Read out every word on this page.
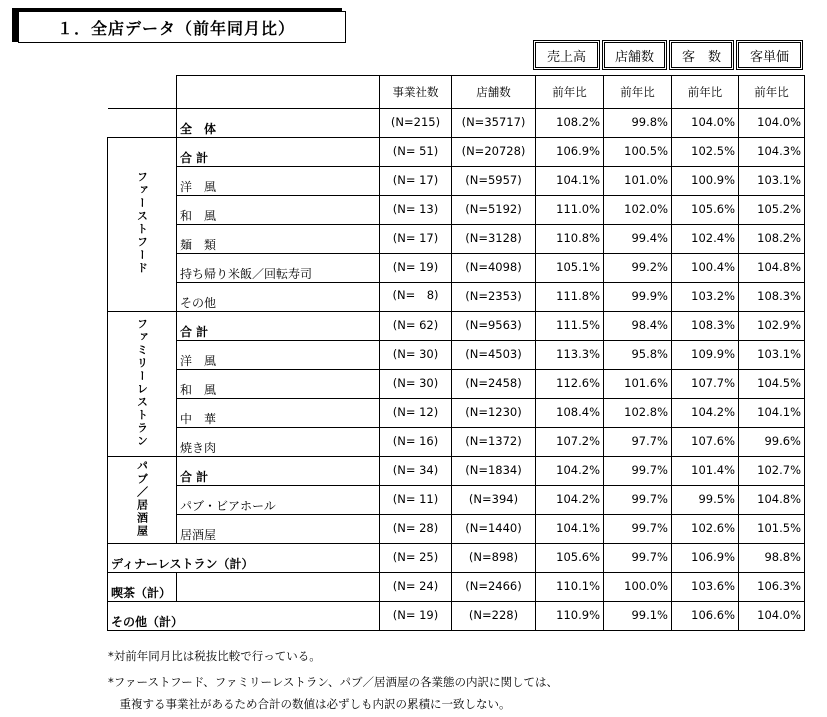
１．全店データ（前年同月比）
売上高	店舗数	客　数	客単価
		事業社数	店舗数	前年比	前年比	前年比	前年比
	全　体	(N=215)	(N=35717)	108.2%	99.8%	104.0%	104.0%
ファーストフード	合 計	(N= 51)	(N=20728)	106.9%	100.5%	102.5%	104.3%
	洋　風	(N= 17)	(N=5957)	104.1%	101.0%	100.9%	103.1%
	和　風	(N= 13)	(N=5192)	111.0%	102.0%	105.6%	105.2%
	麺　類	(N= 17)	(N=3128)	110.8%	99.4%	102.4%	108.2%
	持ち帰り米飯／回転寿司	(N= 19)	(N=4098)	105.1%	99.2%	100.4%	104.8%
	その他	(N=　8)	(N=2353)	111.8%	99.9%	103.2%	108.3%
ファミリーレストラン	合 計	(N= 62)	(N=9563)	111.5%	98.4%	108.3%	102.9%
	洋　風	(N= 30)	(N=4503)	113.3%	95.8%	109.9%	103.1%
	和　風	(N= 30)	(N=2458)	112.6%	101.6%	107.7%	104.5%
	中　華	(N= 12)	(N=1230)	108.4%	102.8%	104.2%	104.1%
	焼き肉	(N= 16)	(N=1372)	107.2%	97.7%	107.6%	99.6%
パブ／居酒屋	合 計	(N= 34)	(N=1834)	104.2%	99.7%	101.4%	102.7%
	パブ・ビアホール	(N= 11)	(N=394)	104.2%	99.7%	99.5%	104.8%
	居酒屋	(N= 28)	(N=1440)	104.1%	99.7%	102.6%	101.5%
ディナーレストラン（計）		(N= 25)	(N=898)	105.6%	99.7%	106.9%	98.8%
喫茶（計）		(N= 24)	(N=2466)	110.1%	100.0%	103.6%	106.3%
その他（計）		(N= 19)	(N=228)	110.9%	99.1%	106.6%	104.0%
*対前年同月比は税抜比較で行っている。
*ファーストフード、ファミリーレストラン、パブ／居酒屋の各業態の内訳に関しては、
　重複する事業社があるため合計の数値は必ずしも内訳の累積に一致しない。
